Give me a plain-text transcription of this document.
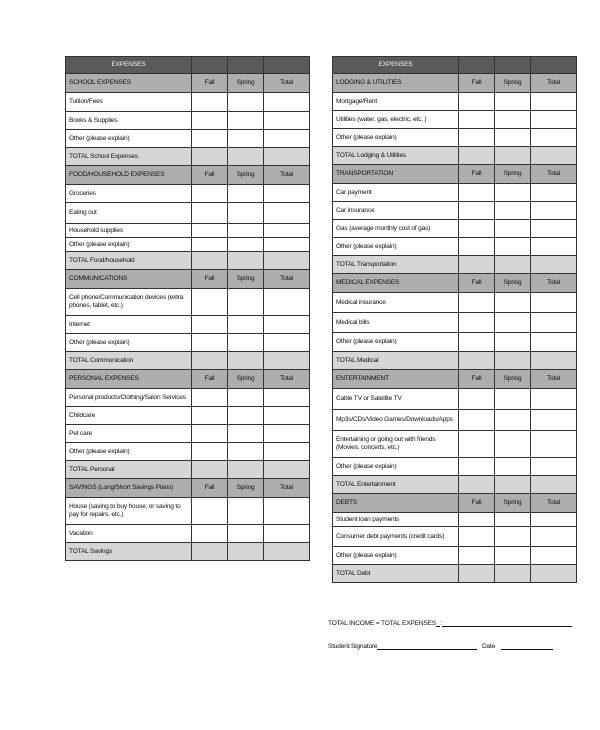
EXPENSES			
SCHOOL EXPENSES	Fall	Spring	Total
Tuition/Fees			
Books & Supplies			
Other (please explain)			
TOTAL School Expenses			
FOOD/HOUSEHOLD EXPENSES	Fall	Spring	Total
Groceries			
Eating out			
Household supplies			
Other (please explain)			
TOTAL Food/household			
COMMUNICATIONS	Fall	Spring	Total
Cell phone/Communication devices (extra phones, tablet, etc.)			
Internet			
Other (please explain)			
TOTAL Communication			
PERSONAL EXPENSES	Fall	Spring	Total
Personal products/Clothing/Salon Services			
Childcare			
Pet care			
Other (please explain)			
TOTAL Personal			
SAVINGS (Long/Short Savings Plans)	Fall	Spring	Total
House (saving to buy house, or saving to pay for repairs, etc.)			
Vacation			
TOTAL Savings			
EXPENSES			
LODGING & UTILITIES	Fall	Spring	Total
Mortgage/Rent			
Utilities (water, gas, electric, etc. )			
Other (please explain)			
TOTAL Lodging & Utilities			
TRANSPORTATION	Fall	Spring	Total
Car payment			
Car insurance			
Gas (average monthly cost of gas)			
Other (please explain)			
TOTAL Transportation			
MEDICAL EXPENSES	Fall	Spring	Total
Medical insurance			
Medical bills			
Other (please explain)			
TOTAL Medical			
ENTERTAINMENT	Fall	Spring	Total
Cable TV or Satellite TV			
Mp3s/CDs/Video Games/Downloads/Apps			
Entertaining or going out with friends (Movies, concerts, etc.)			
Other (please explain)			
TOTAL Entertainment			
DEBTS	Fall	Spring	Total
Student loan payments			
Consumer debt payments (credit cards)			
Other (please explain)			
TOTAL Debt			
TOTAL INCOME = TOTAL EXPENSES :
Student Signature	Date
